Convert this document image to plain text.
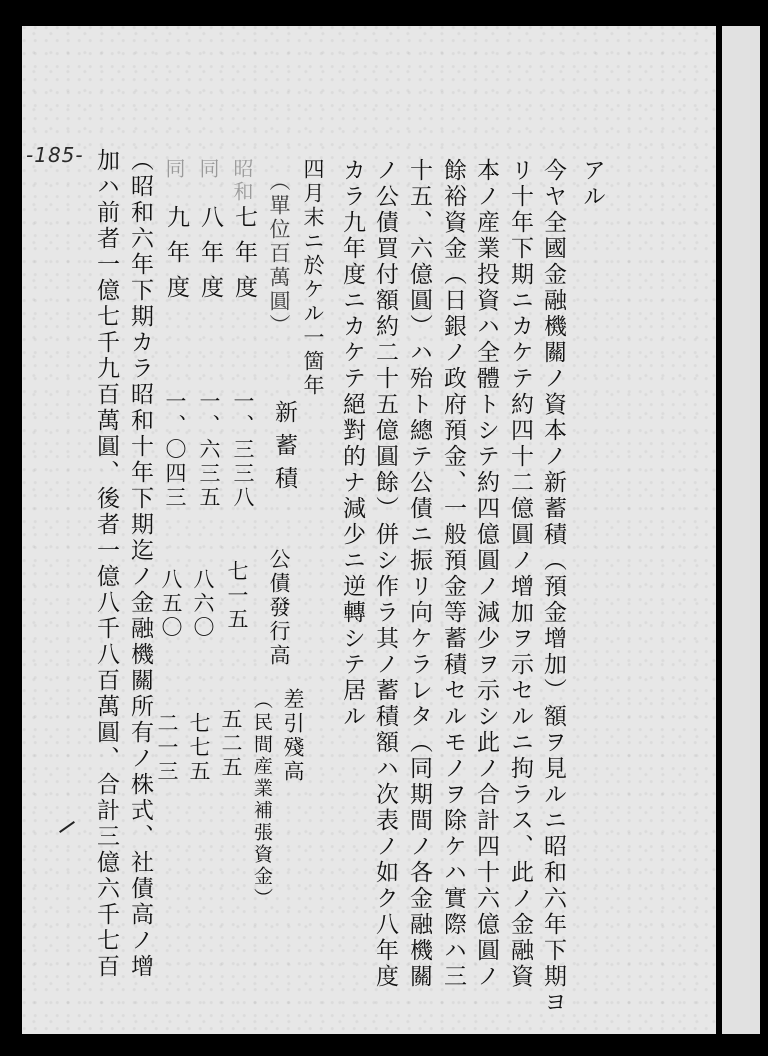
-185-
アル
今ヤ全國金融機關ノ資本ノ新蓄積（預金增加）額ヲ見ルニ昭和六年下期ヨ
リ十年下期ニカケテ約四十二億圓ノ增加ヲ示セルニ拘ラス、此ノ金融資
本ノ産業投資ハ全體トシテ約四億圓ノ減少ヲ示シ此ノ合計四十六億圓ノ
餘裕資金（日銀ノ政府預金、一般預金等蓄積セルモノヲ除ケハ實際ハ三
十五、六億圓）ハ殆ト總テ公債ニ振リ向ケラレタ（同期間ノ各金融機關
ノ公債買付額約二十五億圓餘）併シ作ラ其ノ蓄積額ハ次表ノ如ク八年度
カラ九年度ニカケテ絕對的ナ減少ニ逆轉シテ居ル
四月末ニ於ケル一箇年
（單位百萬圓）
新蓄積
公債發行高
差引殘高
（民間産業補張資金）
昭和
七年度
一、三三八
七一五
五二五
同
八年度
一、六三五
八六〇
七七五
同
九年度
一、〇四三
八五〇
二一三
（昭和六年下期カラ昭和十年下期迄ノ金融機關所有ノ株式、社債高ノ增
加ハ前者一億七千九百萬圓、後者一億八千八百萬圓、合計三億六千七百
